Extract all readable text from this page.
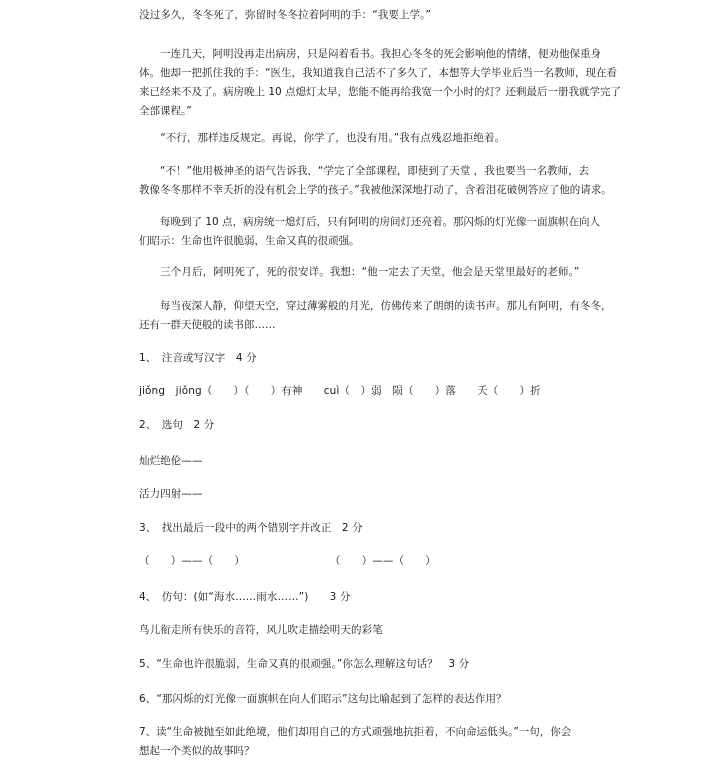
没过多久，冬冬死了，弥留时冬冬拉着阿明的手：“我要上学。”
　　一连几天，阿明没再走出病房，只是闷着看书。我担心冬冬的死会影响他的情绪，便劝他保重身
体。他却一把抓住我的手：“医生，我知道我自己活不了多久了，本想等大学毕业后当一名教师，现在看
来已经来不及了。病房晚上 10 点熄灯太早，您能不能再给我宽一个小时的灯？还剩最后一册我就学完了
全部课程。”
　　“不行，那样违反规定。再说，你学了，也没有用。”我有点残忍地拒绝着。
　　“不！”他用极神圣的语气告诉我，“学完了全部课程，即使到了天堂 ，我也要当一名教师，去
教像冬冬那样不幸夭折的没有机会上学的孩子。”我被他深深地打动了，含着泪花破例答应了他的请求。
　　每晚到了 10 点，病房统一熄灯后，只有阿明的房间灯还亮着。那闪烁的灯光像一面旗帜在向人
们昭示：生命也许很脆弱，生命又真的很顽强。
　　三个月后，阿明死了，死的很安详。我想：“他一定去了天堂，他会是天堂里最好的老师。”
　　每当夜深人静，仰望天空，穿过薄雾般的月光，仿佛传来了朗朗的读书声。那儿有阿明，有冬冬，
还有一群天使般的读书郎……
1、　注音或写汉字　4 分
jiǒng　jiǒng（　　）（　　）有神　　cuì（　）弱　陨（　　）落　　夭（　　）折
2、　选句　2 分
灿烂绝伦——
活力四射——
3、　找出最后一段中的两个错别字并改正　2 分
（　　）——（　　）　　　　　　　　　（　　）——（　　）
4、　仿句：(如“海水……雨水……”)　　3 分
鸟儿衔走所有快乐的音符，风儿吹走描绘明天的彩笔
5、“生命也许很脆弱，生命又真的很顽强。”你怎么理解这句话？　3 分
6、“那闪烁的灯光像一面旗帜在向人们昭示”这句比喻起到了怎样的表达作用？
7、读“生命被抛至如此绝境，他们却用自己的方式顽强地抗拒着，不向命运低头。”一句，你会
想起一个类似的故事吗？
